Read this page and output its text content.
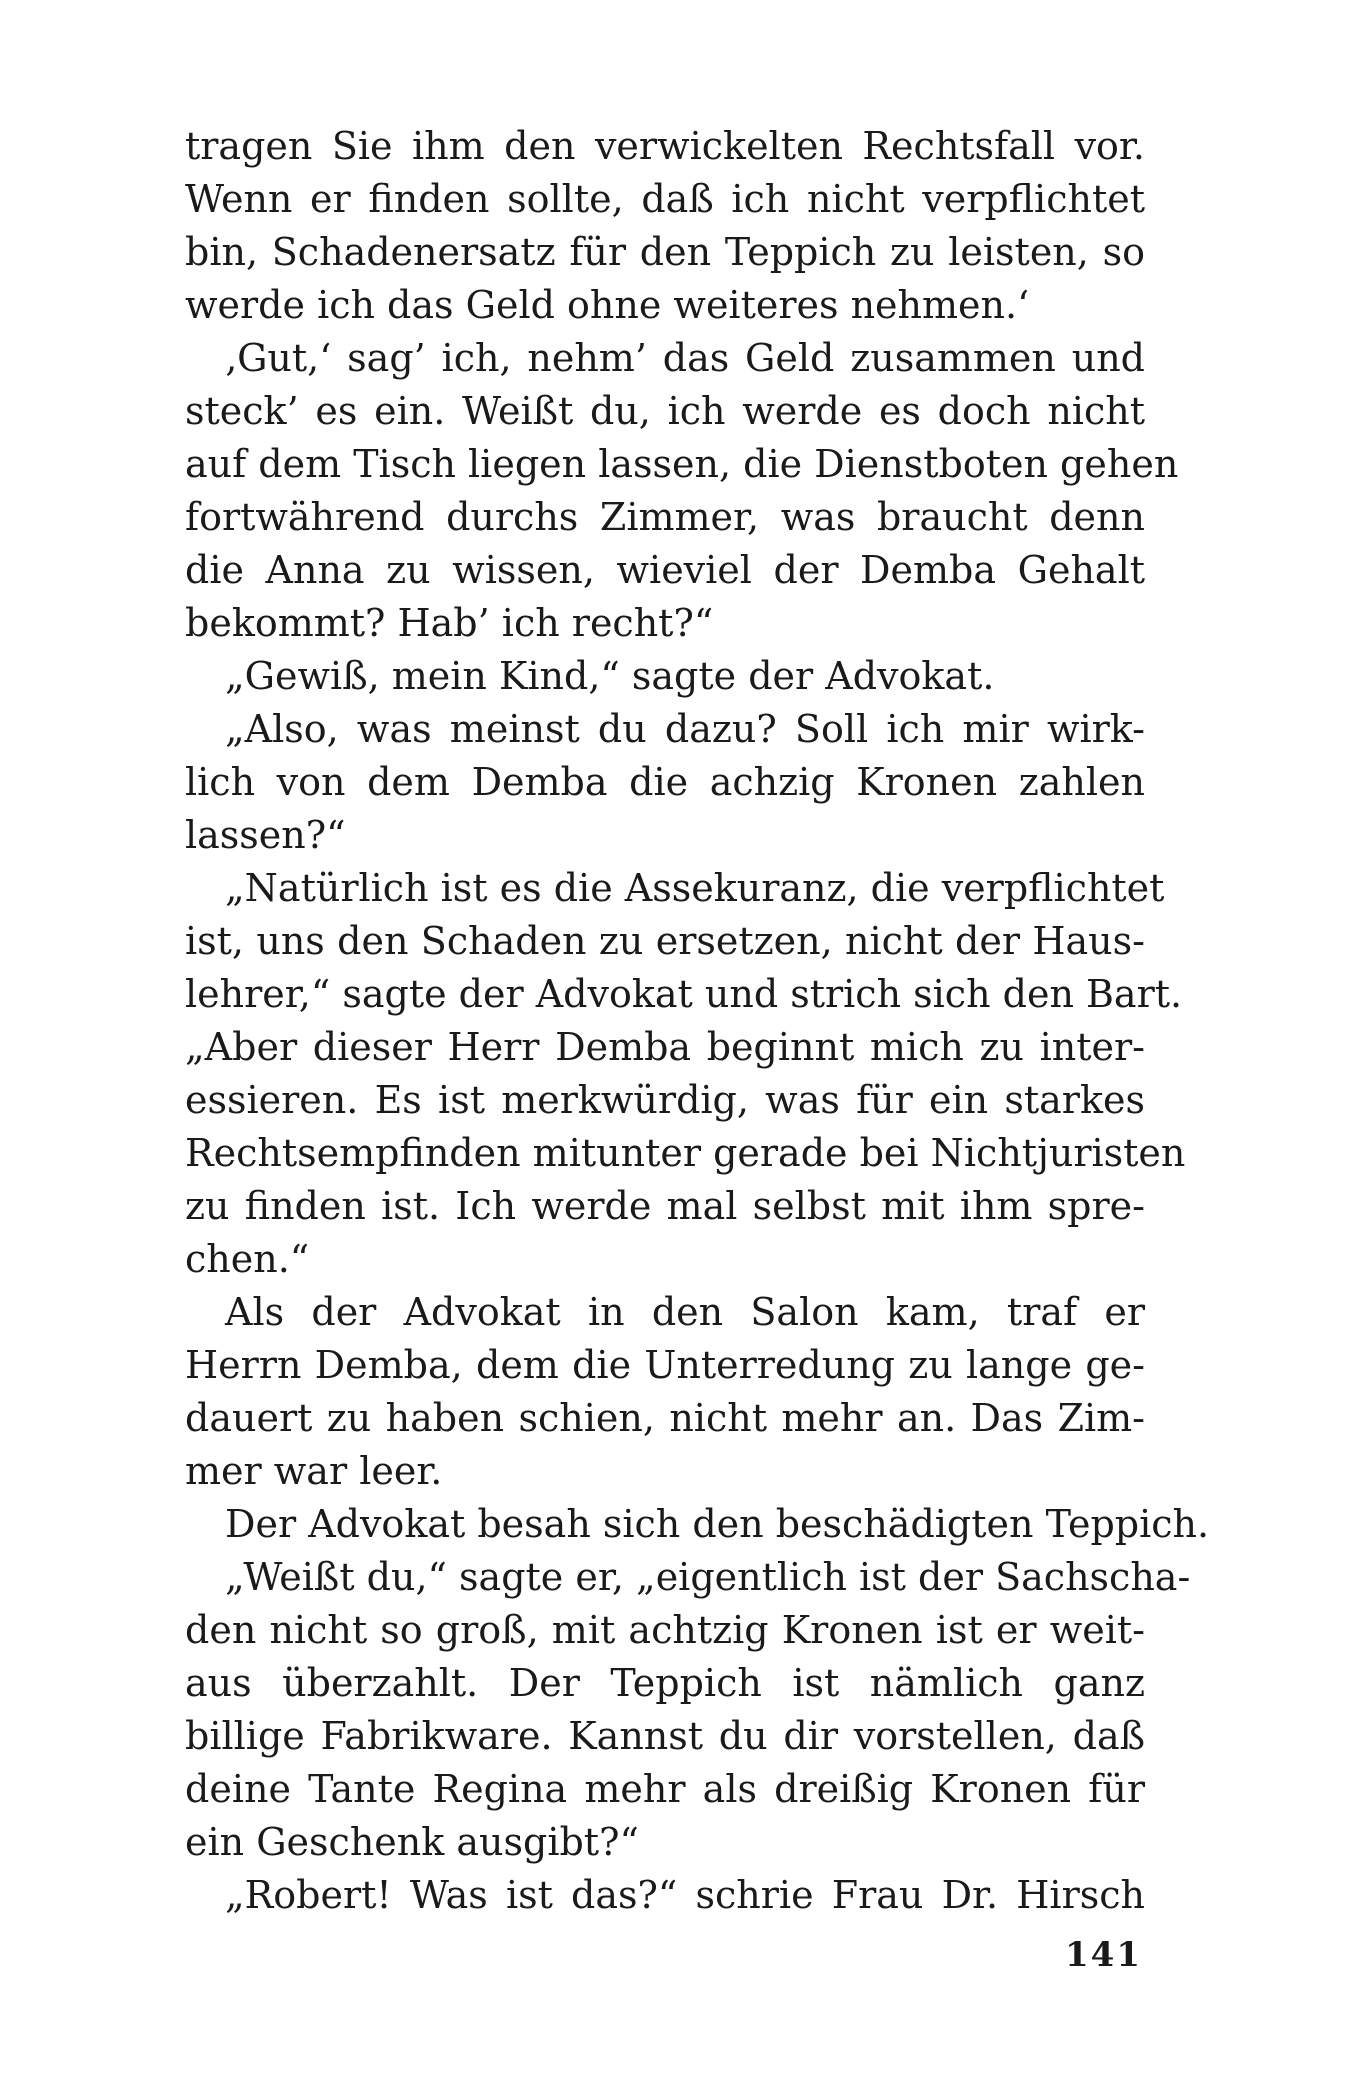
tragen Sie ihm den verwickelten Rechtsfall vor.
Wenn er finden sollte, daß ich nicht verpflichtet
bin, Schadenersatz für den Teppich zu leisten, so
werde ich das Geld ohne weiteres nehmen.‘
‚Gut,‘ sag’ ich, nehm’ das Geld zusammen und
steck’ es ein. Weißt du, ich werde es doch nicht
auf dem Tisch liegen lassen, die Dienstboten gehen
fortwährend durchs Zimmer, was braucht denn
die Anna zu wissen, wieviel der Demba Gehalt
bekommt? Hab’ ich recht?“
„Gewiß, mein Kind,“ sagte der Advokat.
„Also, was meinst du dazu? Soll ich mir wirk-
lich von dem Demba die achzig Kronen zahlen
lassen?“
„Natürlich ist es die Assekuranz, die verpflichtet
ist, uns den Schaden zu ersetzen, nicht der Haus-
lehrer,“ sagte der Advokat und strich sich den Bart.
„Aber dieser Herr Demba beginnt mich zu inter-
essieren. Es ist merkwürdig, was für ein starkes
Rechtsempfinden mitunter gerade bei Nichtjuristen
zu finden ist. Ich werde mal selbst mit ihm spre-
chen.“
Als der Advokat in den Salon kam, traf er
Herrn Demba, dem die Unterredung zu lange ge-
dauert zu haben schien, nicht mehr an. Das Zim-
mer war leer.
Der Advokat besah sich den beschädigten Teppich.
„Weißt du,“ sagte er, „eigentlich ist der Sachscha-
den nicht so groß, mit achtzig Kronen ist er weit-
aus überzahlt. Der Teppich ist nämlich ganz
billige Fabrikware. Kannst du dir vorstellen, daß
deine Tante Regina mehr als dreißig Kronen für
ein Geschenk ausgibt?“
„Robert! Was ist das?“ schrie Frau Dr. Hirsch
141
